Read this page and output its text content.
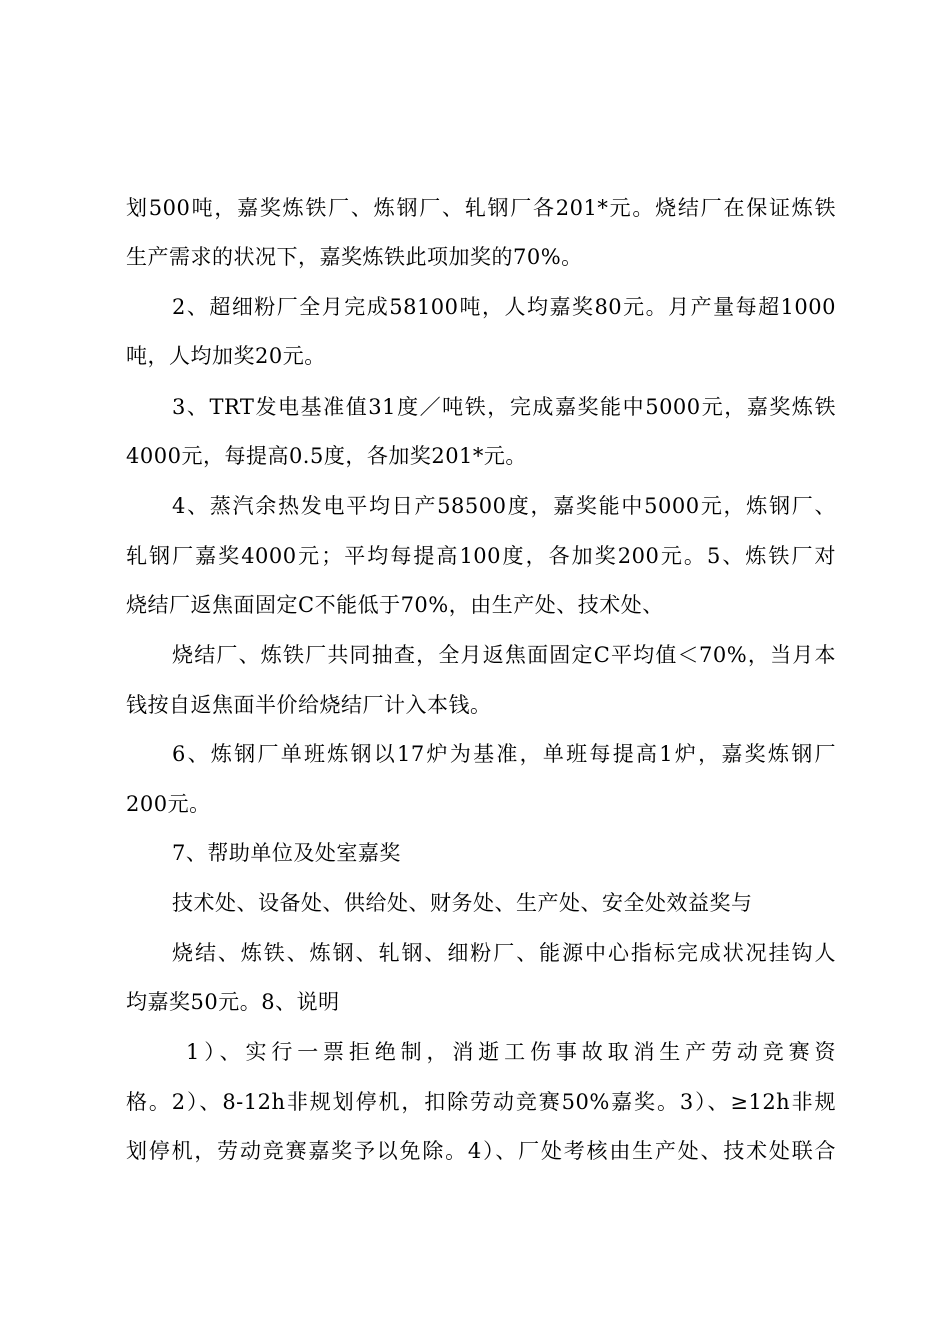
划500吨，嘉奖炼铁厂、炼钢厂、轧钢厂各201*元。烧结厂在保证炼铁
生产需求的状况下，嘉奖炼铁此项加奖的70%。
2、超细粉厂全月完成58100吨，人均嘉奖80元。月产量每超1000
吨，人均加奖20元。
3、TRT发电基准值31度／吨铁，完成嘉奖能中5000元，嘉奖炼铁
4000元，每提高0.5度，各加奖201*元。
4、蒸汽余热发电平均日产58500度，嘉奖能中5000元，炼钢厂、
轧钢厂嘉奖4000元；平均每提高100度，各加奖200元。5、炼铁厂对
烧结厂返焦面固定C不能低于70%，由生产处、技术处、
烧结厂、炼铁厂共同抽查，全月返焦面固定C平均值＜70%，当月本
钱按自返焦面半价给烧结厂计入本钱。
6、炼钢厂单班炼钢以17炉为基准，单班每提高1炉，嘉奖炼钢厂
200元。
7、帮助单位及处室嘉奖
技术处、设备处、供给处、财务处、生产处、安全处效益奖与
烧结、炼铁、炼钢、轧钢、细粉厂、能源中心指标完成状况挂钩人
均嘉奖50元。8、说明
1）、实行一票拒绝制，消逝工伤事故取消生产劳动竞赛资
格。2）、8-12h非规划停机，扣除劳动竞赛50%嘉奖。3）、≥12h非规
划停机，劳动竞赛嘉奖予以免除。4）、厂处考核由生产处、技术处联合
